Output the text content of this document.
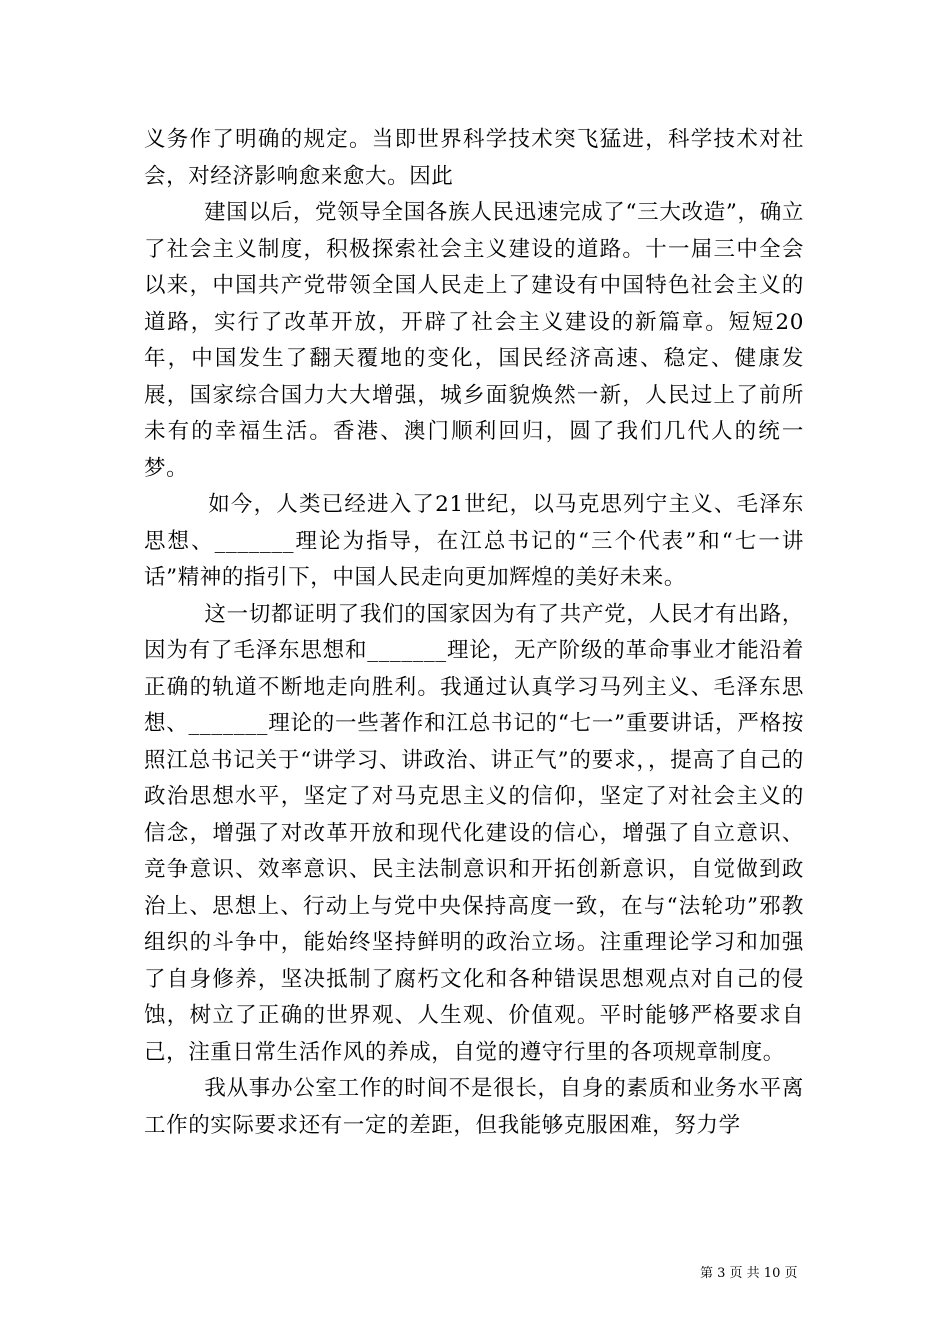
义务作了明确的规定。当即世界科学技术突飞猛进，科学技术对社会，对经济影响愈来愈大。因此

建国以后，党领导全国各族人民迅速完成了“三大改造”，确立了社会主义制度，积极探索社会主义建设的道路。十一届三中全会以来，中国共产党带领全国人民走上了建设有中国特色社会主义的道路，实行了改革开放，开辟了社会主义建设的新篇章。短短20年，中国发生了翻天覆地的变化，国民经济高速、稳定、健康发展，国家综合国力大大增强，城乡面貌焕然一新，人民过上了前所未有的幸福生活。香港、澳门顺利回归，圆了我们几代人的统一梦。

如今，人类已经进入了21世纪，以马克思列宁主义、毛泽东思想、_______理论为指导，在江总书记的“三个代表”和“七一讲话”精神的指引下，中国人民走向更加辉煌的美好未来。

这一切都证明了我们的国家因为有了共产党，人民才有出路，因为有了毛泽东思想和_______理论，无产阶级的革命事业才能沿着正确的轨道不断地走向胜利。我通过认真学习马列主义、毛泽东思想、_______理论的一些著作和江总书记的“七一”重要讲话，严格按照江总书记关于“讲学习、讲政治、讲正气”的要求，，提高了自己的政治思想水平，坚定了对马克思主义的信仰，坚定了对社会主义的信念，增强了对改革开放和现代化建设的信心，增强了自立意识、竞争意识、效率意识、民主法制意识和开拓创新意识，自觉做到政治上、思想上、行动上与党中央保持高度一致，在与“法轮功”邪教组织的斗争中，能始终坚持鲜明的政治立场。注重理论学习和加强了自身修养，坚决抵制了腐朽文化和各种错误思想观点对自己的侵蚀，树立了正确的世界观、人生观、价值观。平时能够严格要求自己，注重日常生活作风的养成，自觉的遵守行里的各项规章制度。

我从事办公室工作的时间不是很长，自身的素质和业务水平离工作的实际要求还有一定的差距，但我能够克服困难，努力学

第 3 页 共 10 页
